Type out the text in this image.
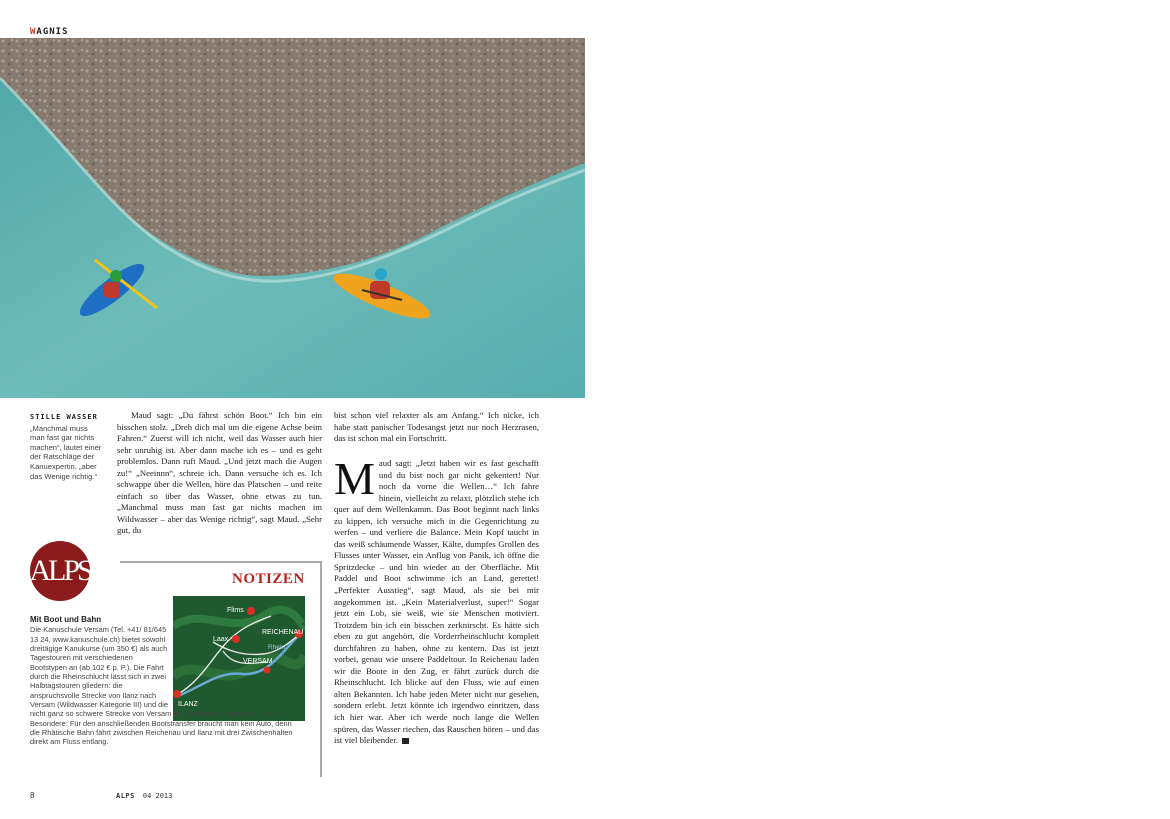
WAGNIS
STILLE WASSER
„Manchmal muss man fast gar nichts machen“, lautet einer der Ratschläge der Kanuexpertin, „aber das Wenige richtig.“
Maud sagt: „Du fährst schön Boot.“ Ich bin ein bisschen stolz. „Dreh dich mal um die eigene Achse beim Fahren.“ Zuerst will ich nicht, weil das Wasser auch hier sehr unruhig ist. Aber dann mache ich es – und es geht problemlos. Dann ruft Maud. „Und jetzt mach die Augen zu!“ „Neeinnn“, schreie ich. Dann versuche ich es. Ich schwappe über die Wellen, höre das Platschen – und reite einfach so über das Wasser, ohne etwas zu tun. „Manchmal muss man fast gar nichts machen im Wildwasser – aber das Wenige richtig“, sagt Maud. „Sehr gut, du
bist schon viel relaxter als am Anfang.“ Ich nicke, ich habe statt panischer Todesangst jetzt nur noch Herzrasen, das ist schon mal ein Fortschritt.
Maud sagt: „Jetzt haben wir es fast geschafft und du bist noch gar nicht gekentert! Nur noch da vorne die Wellen…“ Ich fahre hinein, vielleicht zu relaxt, plötzlich stehe ich quer auf dem Wellenkamm. Das Boot beginnt nach links zu kippen, ich versuche mich in die Gegenrichtung zu werfen – und verliere die Balance. Mein Kopf taucht in das weiß schäumende Wasser, Kälte, dumpfes Grollen des Flusses unter Wasser, ein Anflug von Panik, ich öffne die Spritzdecke – und bin wieder an der Oberfläche. Mit Paddel und Boot schwimme ich an Land, gerettet! „Perfekter Ausstieg“, sagt Maud, als sie bei mir angekommen ist. „Kein Materialverlust, super!“ Sogar jetzt ein Lob, sie weiß, wie sie Menschen motiviert. Trotzdem bin ich ein bisschen zerknirscht. Es hätte sich eben zu gut angehört, die Vorderrheinschlucht komplett durchfahren zu haben, ohne zu kentern. Das ist jetzt vorbei, genau wie unsere Paddeltour. In Reichenau laden wir die Boote in den Zug, er fährt zurück durch die Rheinschlucht. Ich blicke auf den Fluss, wie auf einen alten Bekannten. Ich habe jeden Meter nicht nur gesehen, sondern erlebt. Jetzt könnte ich irgendwo einritzen, dass ich hier war. Aber ich werde noch lange die Wellen spüren, das Wasser riechen, das Rauschen hören – und das ist viel bleibender.
ALPS	NOTIZEN
Flims
Laax
REICHENAU
Rhein
VERSAM
ILANZ
Mit Boot und Bahn
Die Kanuschule Versam (Tel. +41/ 81/645 13 24, www.kanuschule.ch) bietet sowohl dreitägige Kanukurse (um 350 €) als auch Tagestouren mit verschiedenen Bootstypen an (ab 102 € p. P.). Die Fahrt durch die Rheinschlucht lässt sich in zwei Halbtagstouren gliedern: die anspruchsvolle Strecke von Ilanz nach Versam (Wildwasser Kategorie III) und die
nicht ganz so schwere Strecke von Versam bis Reichenau (Kategorie II). Das Besondere: Für den anschließenden Bootstransfer braucht man kein Auto, denn die Rhätische Bahn fährt zwischen Reichenau und Ilanz mit drei Zwischenhalten direkt am Fluss entlang.
8	ALPS 04 2013
